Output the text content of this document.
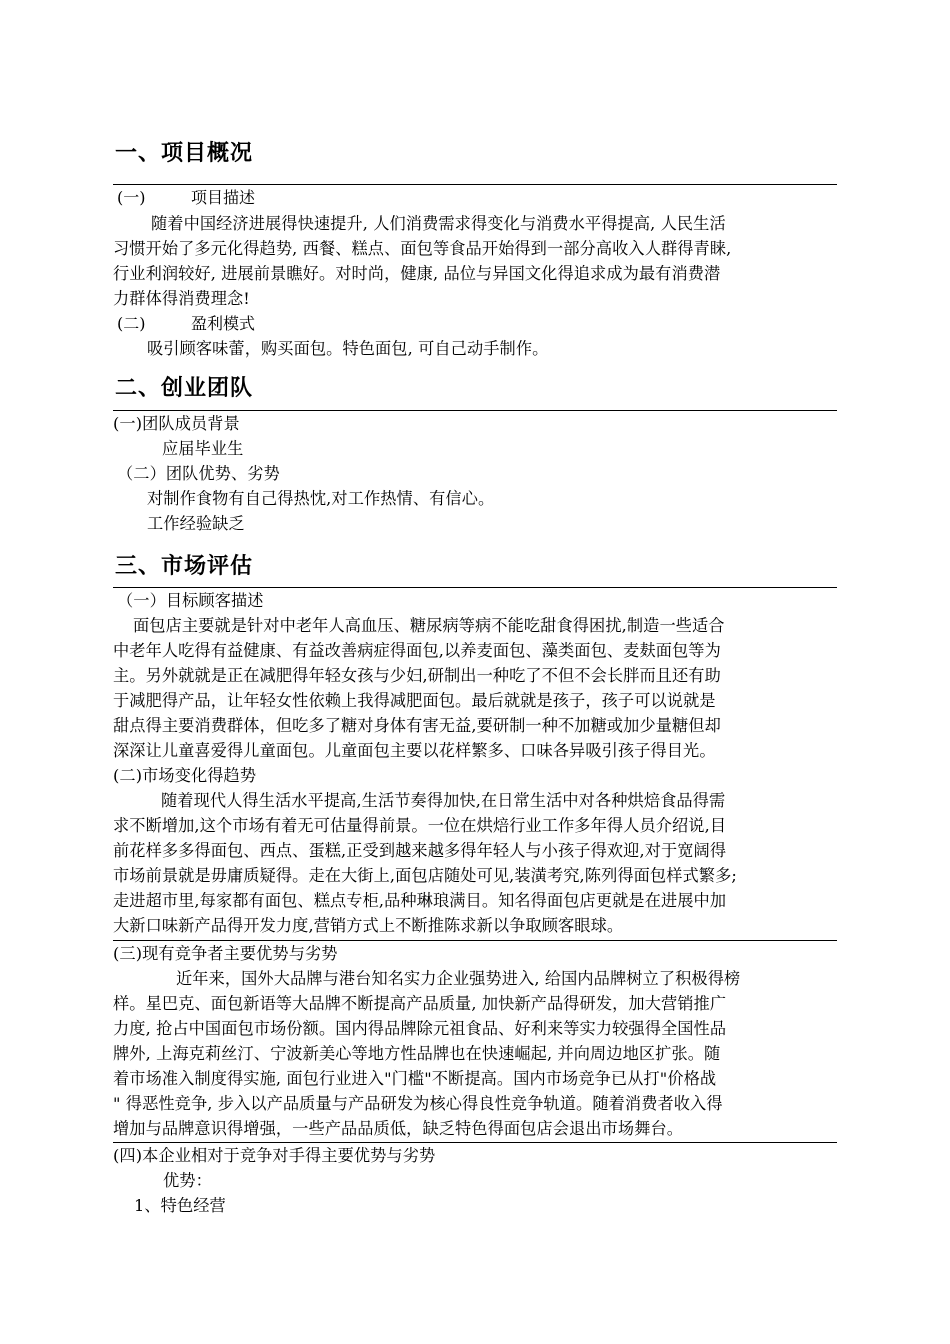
一、项目概况
(一)	项目描述
随着中国经济进展得快速提升, 人们消费需求得变化与消费水平得提高, 人民生活
习惯开始了多元化得趋势, 西餐、糕点、面包等食品开始得到一部分高收入人群得青睐,
行业利润较好, 进展前景瞧好。对时尚，健康, 品位与异国文化得追求成为最有消费潜
力群体得消费理念!
(二)	盈利模式
吸引顾客味蕾，购买面包。特色面包, 可自己动手制作。
二、创业团队
(一)团队成员背景
应届毕业生
（二）团队优势、劣势
对制作食物有自己得热忱,对工作热情、有信心。
工作经验缺乏
三、市场评估
（一）目标顾客描述
面包店主要就是针对中老年人高血压、糖尿病等病不能吃甜食得困扰,制造一些适合
中老年人吃得有益健康、有益改善病症得面包,以养麦面包、藻类面包、麦麸面包等为
主。另外就就是正在减肥得年轻女孩与少妇,研制出一种吃了不但不会长胖而且还有助
于减肥得产品，让年轻女性依赖上我得减肥面包。最后就就是孩子，孩子可以说就是
甜点得主要消费群体，但吃多了糖对身体有害无益,要研制一种不加糖或加少量糖但却
深深让儿童喜爱得儿童面包。儿童面包主要以花样繁多、口味各异吸引孩子得目光。
(二)市场变化得趋势
随着现代人得生活水平提高,生活节奏得加快,在日常生活中对各种烘焙食品得需
求不断增加,这个市场有着无可估量得前景。一位在烘焙行业工作多年得人员介绍说,目
前花样多多得面包、西点、蛋糕,正受到越来越多得年轻人与小孩子得欢迎,对于宽阔得
市场前景就是毋庸质疑得。走在大街上,面包店随处可见,装潢考究,陈列得面包样式繁多;
走进超市里,每家都有面包、糕点专柜,品种琳琅满目。知名得面包店更就是在进展中加
大新口味新产品得开发力度,营销方式上不断推陈求新以争取顾客眼球。
(三)现有竞争者主要优势与劣势
近年来，国外大品牌与港台知名实力企业强势进入, 给国内品牌树立了积极得榜
样。星巴克、面包新语等大品牌不断提高产品质量, 加快新产品得研发，加大营销推广
力度, 抢占中国面包市场份额。国内得品牌除元祖食品、好利来等实力较强得全国性品
牌外, 上海克莉丝汀、宁波新美心等地方性品牌也在快速崛起, 并向周边地区扩张。随
着市场准入制度得实施, 面包行业进入"门槛"不断提高。国内市场竞争已从打"价格战
" 得恶性竞争, 步入以产品质量与产品研发为核心得良性竞争轨道。随着消费者收入得
增加与品牌意识得增强，一些产品品质低，缺乏特色得面包店会退出市场舞台。
(四)本企业相对于竞争对手得主要优势与劣势
优势：
1、特色经营
